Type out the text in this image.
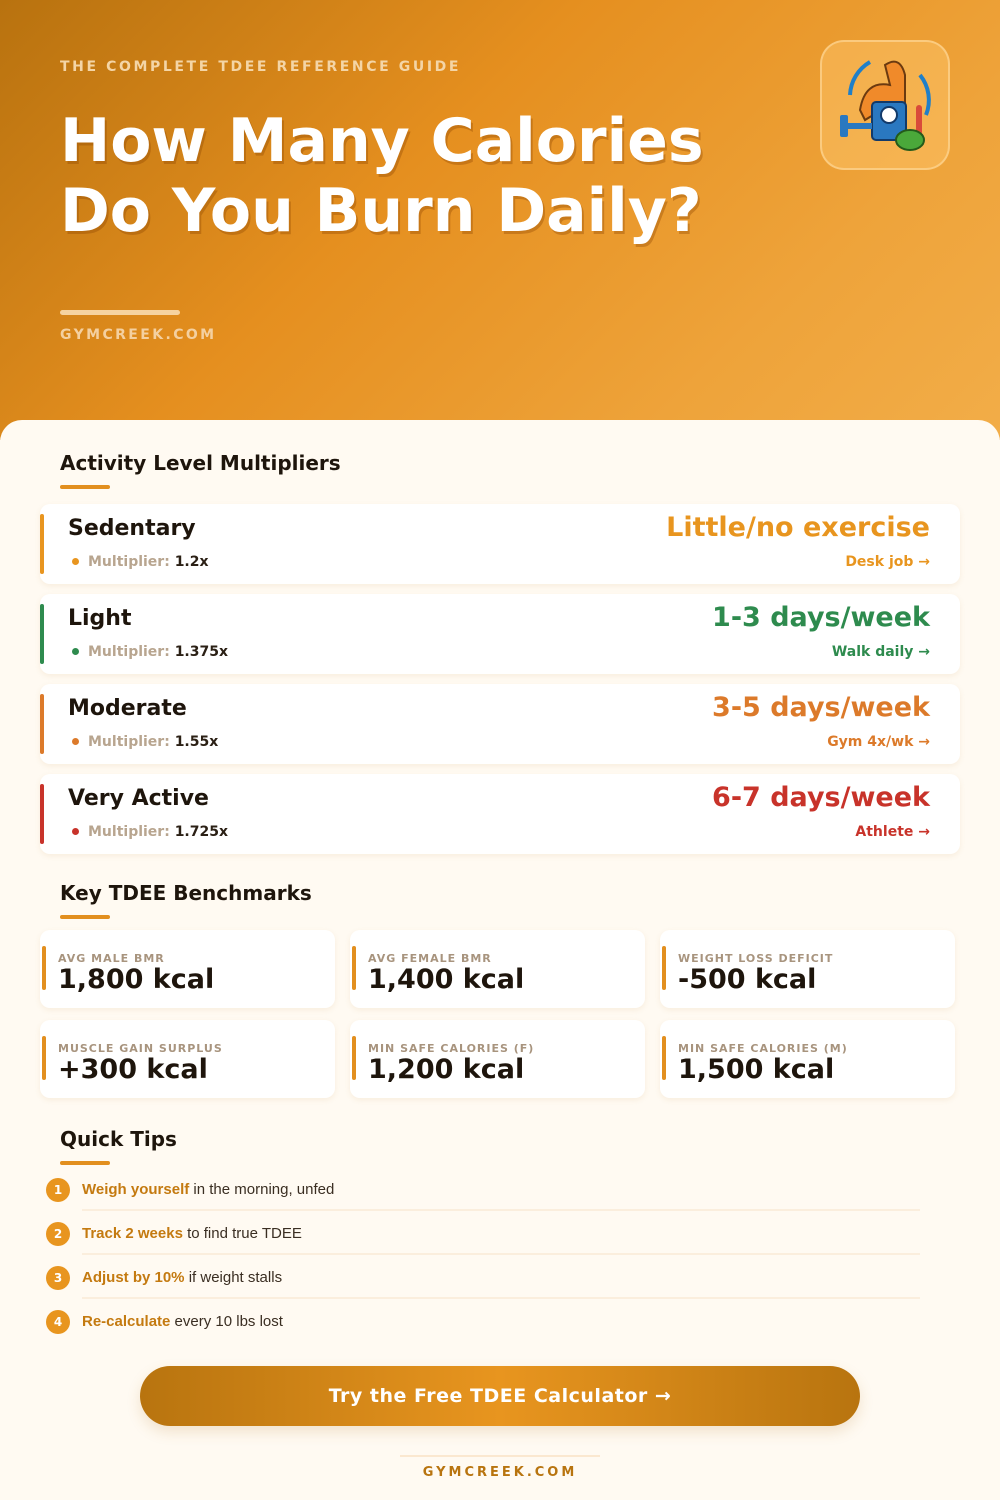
THE COMPLETE TDEE REFERENCE GUIDE
How Many Calories
Do You Burn Daily?
GYMCREEK.COM
Activity Level Multipliers
Sedentary
Multiplier: 1.2x
Little/no exercise
Desk job →
Light
Multiplier: 1.375x
1-3 days/week
Walk daily →
Moderate
Multiplier: 1.55x
3-5 days/week
Gym 4x/wk →
Very Active
Multiplier: 1.725x
6-7 days/week
Athlete →
Key TDEE Benchmarks
AVG MALE BMR
1,800 kcal
AVG FEMALE BMR
1,400 kcal
WEIGHT LOSS DEFICIT
-500 kcal
MUSCLE GAIN SURPLUS
+300 kcal
MIN SAFE CALORIES (F)
1,200 kcal
MIN SAFE CALORIES (M)
1,500 kcal
Quick Tips
1	Weigh yourself in the morning, unfed
2	Track 2 weeks to find true TDEE
3	Adjust by 10% if weight stalls
4	Re-calculate every 10 lbs lost
Try the Free TDEE Calculator →
GYMCREEK.COM
